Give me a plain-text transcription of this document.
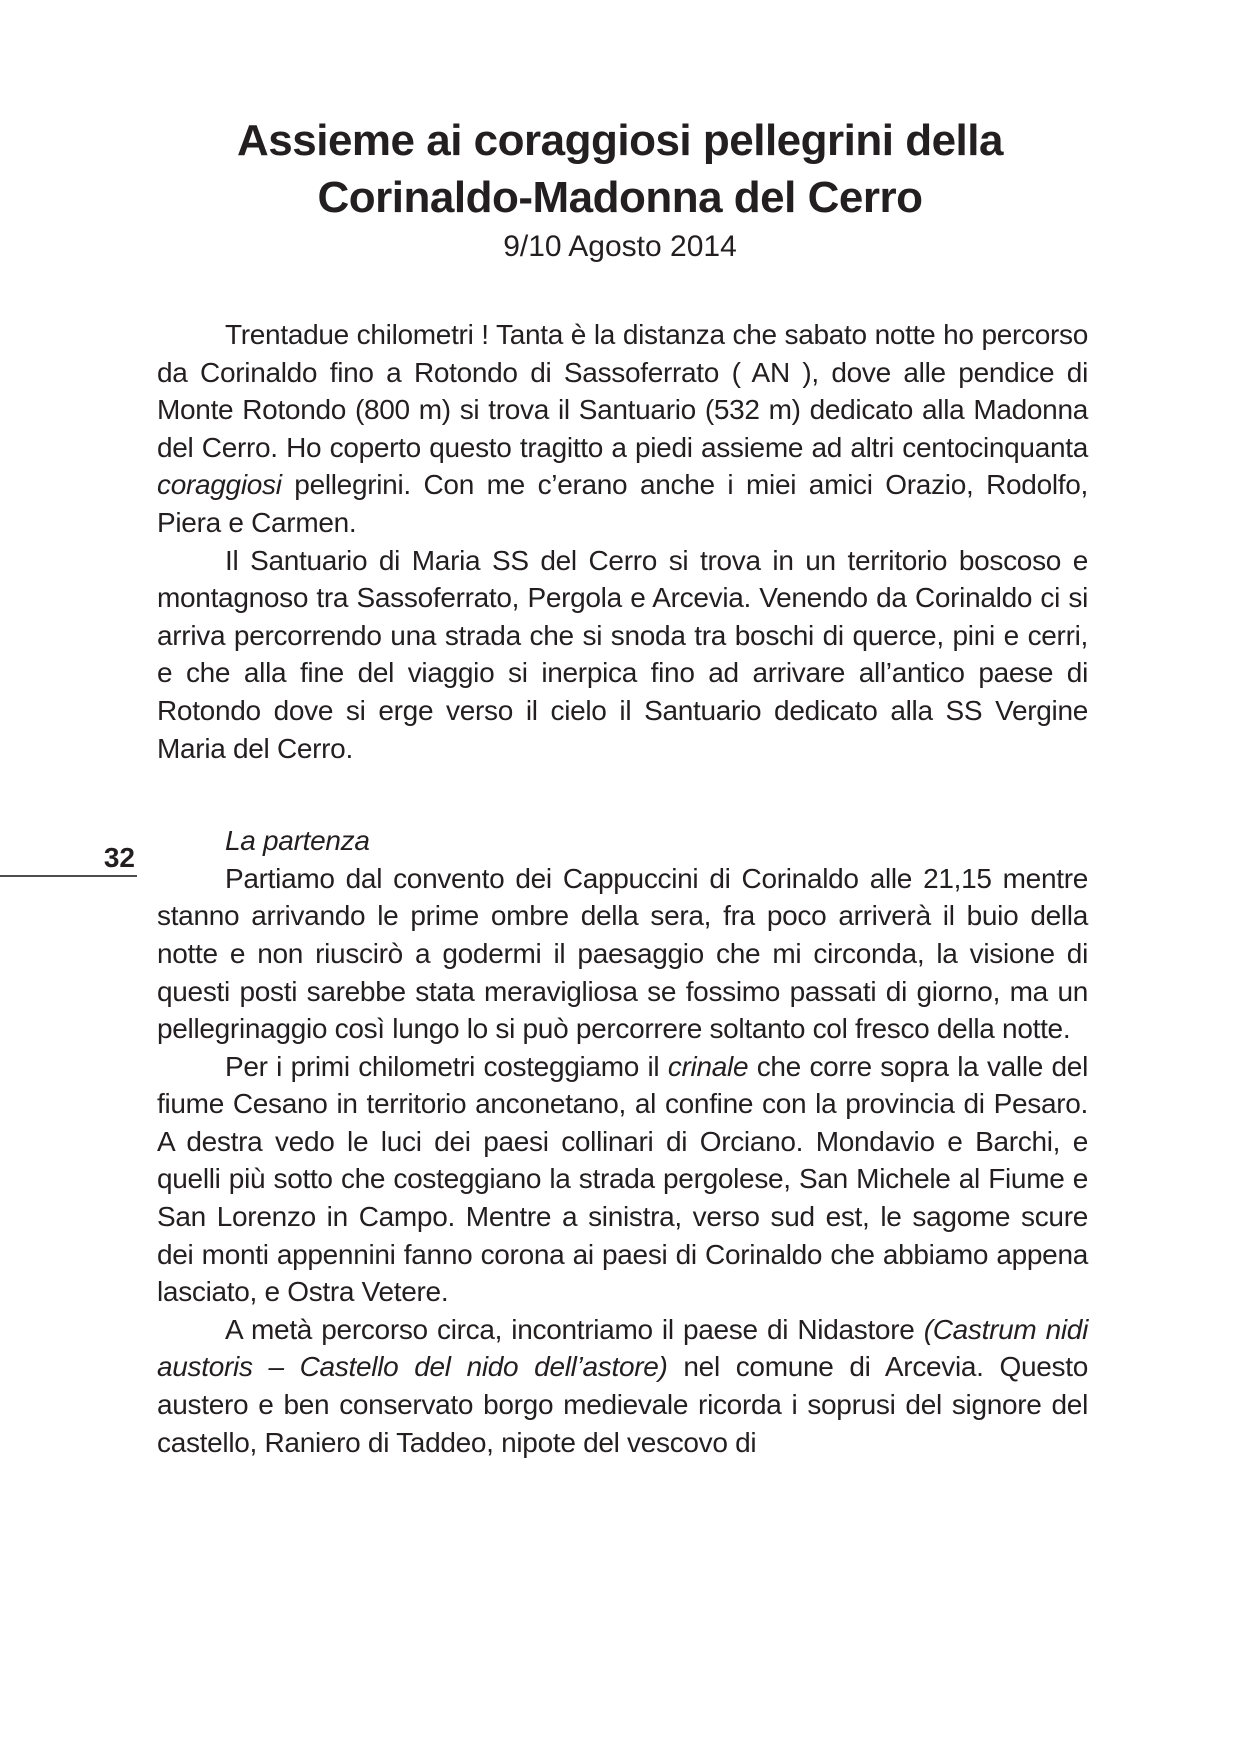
32
Assieme ai coraggiosi pellegrini della
Corinaldo-Madonna del Cerro
9/10 Agosto 2014

Trentadue chilometri ! Tanta è la distanza che sabato notte ho percorso da Corinaldo fino a Rotondo di Sassoferrato ( AN ), dove alle pendice di Monte Rotondo (800 m) si trova il Santuario (532 m) dedicato alla Madonna del Cerro. Ho coperto questo tragitto a piedi assieme ad altri centocinquanta coraggiosi pellegrini. Con me c’erano anche i miei amici Orazio, Rodolfo, Piera e Carmen.

Il Santuario di Maria SS del Cerro si trova in un territorio boscoso e montagnoso tra Sassoferrato, Pergola e Arcevia. Venendo da Corinaldo ci si arriva percorrendo una strada che si snoda tra boschi di querce, pini e cerri, e che alla fine del viaggio si inerpica fino ad arrivare all’antico paese di Rotondo dove si erge verso il cielo il Santuario dedicato alla SS Vergine Maria del Cerro.

La partenza

Partiamo dal convento dei Cappuccini di Corinaldo alle 21,15 mentre stanno arrivando le prime ombre della sera, fra poco arriverà il buio della notte e non riuscirò a godermi il paesaggio che mi circonda, la visione di questi posti sarebbe stata meravigliosa se fossimo passati di giorno, ma un pellegrinaggio così lungo lo si può percorrere soltanto col fresco della notte.

Per i primi chilometri costeggiamo il crinale che corre sopra la valle del fiume Cesano in territorio anconetano, al confine con la provincia di Pesaro. A destra vedo le luci dei paesi collinari di Orciano. Mondavio e Barchi, e quelli più sotto che costeggiano la strada pergolese, San Michele al Fiume e San Lorenzo in Campo. Mentre a sinistra, verso sud est, le sagome scure dei monti appennini fanno corona ai paesi di Corinaldo che abbiamo appena lasciato, e Ostra Vetere.

A metà percorso circa, incontriamo il paese di Nidastore (Castrum nidi austoris – Castello del nido dell’astore) nel comune di Arcevia. Questo austero e ben conservato borgo medievale ricorda i soprusi del signore del castello, Raniero di Taddeo, nipote del vescovo di
